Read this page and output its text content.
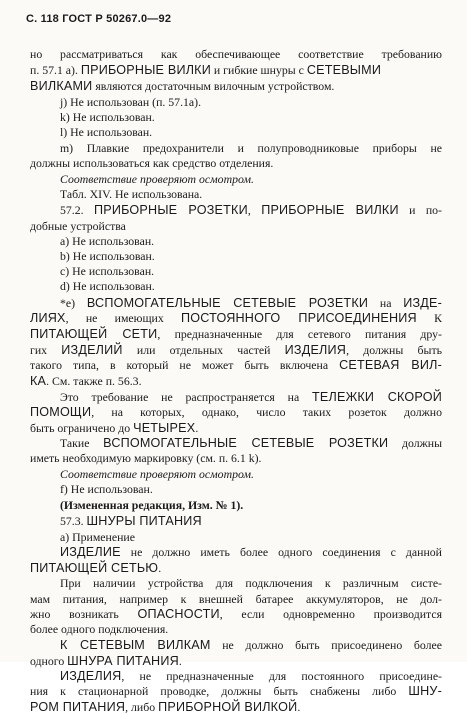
С. 118 ГОСТ Р 50267.0—92
но рассматриваться как обеспечивающее соответствие требованию
п. 57.1 а). ПРИБОРНЫЕ ВИЛКИ и гибкие шнуры с СЕТЕВЫМИ
ВИЛКАМИ являются достаточным вилочным устройством.
j) Не использован (п. 57.1а).
k) Не использован.
l) Не использован.
m) Плавкие предохранители и полупроводниковые приборы не
должны использоваться как средство отделения.
Соответствие проверяют осмотром.
Табл. XIV. Не использована.
57.2. ПРИБОРНЫЕ РОЗЕТКИ, ПРИБОРНЫЕ ВИЛКИ и по-
добные устройства
а) Не использован.
b) Не использован.
с) Не использован.
d) Не использован.
*е) ВСПОМОГАТЕЛЬНЫЕ СЕТЕВЫЕ РОЗЕТКИ на ИЗДЕ-
ЛИЯХ, не имеющих ПОСТОЯННОГО ПРИСОЕДИНЕНИЯ К
ПИТАЮЩЕЙ СЕТИ, предназначенные для сетевого питания дру-
гих ИЗДЕЛИЙ или отдельных частей ИЗДЕЛИЯ, должны быть
такого типа, в который не может быть включена СЕТЕВАЯ ВИЛ-
КА. См. также п. 56.3.
Это требование не распространяется на ТЕЛЕЖКИ СКОРОЙ
ПОМОЩИ, на которых, однако, число таких розеток должно
быть ограничено до ЧЕТЫРЕХ.
Такие ВСПОМОГАТЕЛЬНЫЕ СЕТЕВЫЕ РОЗЕТКИ должны
иметь необходимую маркировку (см. п. 6.1 k).
Соответствие проверяют осмотром.
f) Не использован.
(Измененная редакция, Изм. № 1).
57.3. ШНУРЫ ПИТАНИЯ
а) Применение
ИЗДЕЛИЕ не должно иметь более одного соединения с данной
ПИТАЮЩЕЙ СЕТЬЮ.
При наличии устройства для подключения к различным систе-
мам питания, например к внешней батарее аккумуляторов, не дол-
жно возникать ОПАСНОСТИ, если одновременно производится
более одного подключения.
К СЕТЕВЫМ ВИЛКАМ не должно быть присоединено более
одного ШНУРА ПИТАНИЯ.
ИЗДЕЛИЯ, не предназначенные для постоянного присоедине-
ния к стационарной проводке, должны быть снабжены либо ШНУ-
РОМ ПИТАНИЯ, либо ПРИБОРНОЙ ВИЛКОЙ.
